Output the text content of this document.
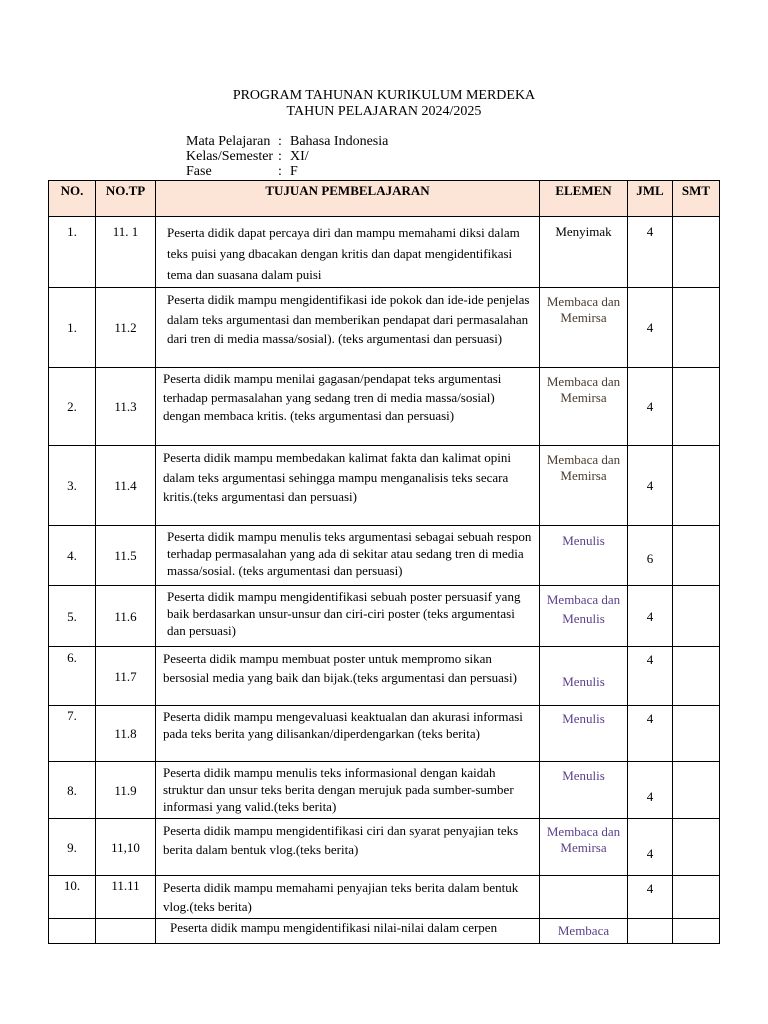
PROGRAM TAHUNAN KURIKULUM MERDEKA
TAHUN PELAJARAN 2024/2025
Mata Pelajaran : Bahasa Indonesia
Kelas/Semester : XI/
Fase	: F
NO.	NO.TP	TUJUAN PEMBELAJARAN	ELEMEN	JML	SMT
1.	11. 1	Peserta didik dapat percaya diri dan mampu memahami diksi dalam teks puisi yang dbacakan dengan kritis dan dapat mengidentifikasi tema dan suasana dalam puisi	Menyimak	4	
1.	11.2	Peserta didik mampu mengidentifikasi ide pokok dan ide-ide penjelas dalam teks argumentasi dan memberikan pendapat dari permasalahan dari tren di media massa/sosial). (teks argumentasi dan persuasi)	Membaca dan Memirsa	4	
2.	11.3	Peserta didik mampu menilai gagasan/pendapat teks argumentasi terhadap permasalahan yang sedang tren di media massa/sosial) dengan membaca kritis. (teks argumentasi dan persuasi)	Membaca dan Memirsa	4	
3.	11.4	Peserta didik mampu membedakan kalimat fakta dan kalimat opini dalam teks argumentasi sehingga mampu menganalisis teks secara kritis.(teks argumentasi dan persuasi)	Membaca dan Memirsa	4	
4.	11.5	Peserta didik mampu menulis teks argumentasi sebagai sebuah respon terhadap permasalahan yang ada di sekitar atau sedang tren di media massa/sosial. (teks argumentasi dan persuasi)	Menulis	6	
5.	11.6	Peserta didik mampu mengidentifikasi sebuah poster persuasif yang baik berdasarkan unsur-unsur dan ciri-ciri poster (teks argumentasi dan persuasi)	Membaca dan Menulis	4	
6.	11.7	Peseerta didik mampu membuat poster untuk mempromo sikan bersosial media yang baik dan bijak.(teks argumentasi dan persuasi)	Menulis	4	
7.	11.8	Peserta didik mampu mengevaluasi keaktualan dan akurasi informasi pada teks berita yang dilisankan/diperdengarkan (teks berita)	Menulis	4	
8.	11.9	Peserta didik mampu menulis teks informasional dengan kaidah struktur dan unsur teks berita dengan merujuk pada sumber-sumber informasi yang valid.(teks berita)	Menulis	4	
9.	11,10	Peserta didik mampu mengidentifikasi ciri dan syarat penyajian teks berita dalam bentuk vlog.(teks berita)	Membaca dan Memirsa	4	
10.	11.11	Peserta didik mampu memahami penyajian teks berita dalam bentuk vlog.(teks berita)		4	
		Peserta didik mampu mengidentifikasi nilai-nilai dalam cerpen	Membaca		
